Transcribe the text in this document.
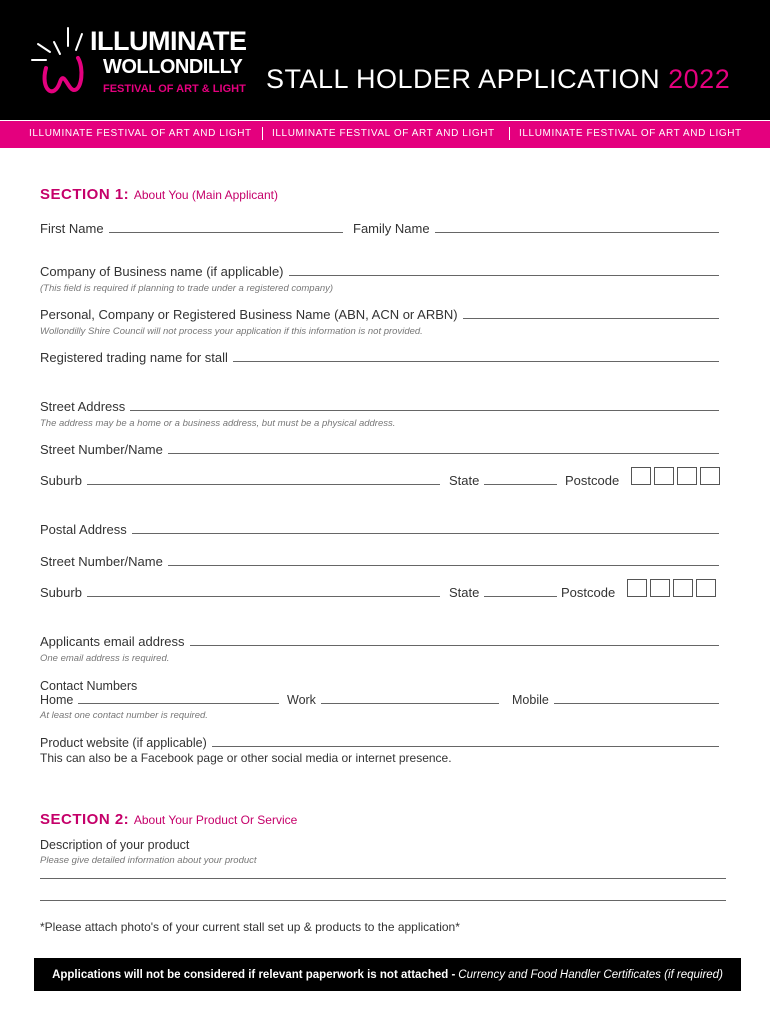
ILLUMINATE
WOLLONDILLY
FESTIVAL OF ART & LIGHT STALL HOLDER APPLICATION 2022
ILLUMINATE FESTIVAL OF ART AND LIGHT ILLUMINATE FESTIVAL OF ART AND LIGHT ILLUMINATE FESTIVAL OF ART AND LIGHT
SECTION 1: About You (Main Applicant)
First Name	Family Name
Company of Business name (if applicable)
(This field is required if planning to trade under a registered company)
Personal, Company or Registered Business Name (ABN, ACN or ARBN)
Wollondilly Shire Council will not process your application if this information is not provided.
Registered trading name for stall
Street Address
The address may be a home or a business address, but must be a physical address.
Street Number/Name
Suburb	State	Postcode
Postal Address
Street Number/Name
Suburb	State	Postcode
Applicants email address
One email address is required.
Contact Numbers
Home	Work	Mobile
At least one contact number is required.
Product website (if applicable)
This can also be a Facebook page or other social media or internet presence.
SECTION 2: About Your Product Or Service
Description of your product
Please give detailed information about your product
*Please attach photo's of your current stall set up & products to the application*
Applications will not be considered if relevant paperwork is not attached - Currency and Food Handler Certificates (if required)
